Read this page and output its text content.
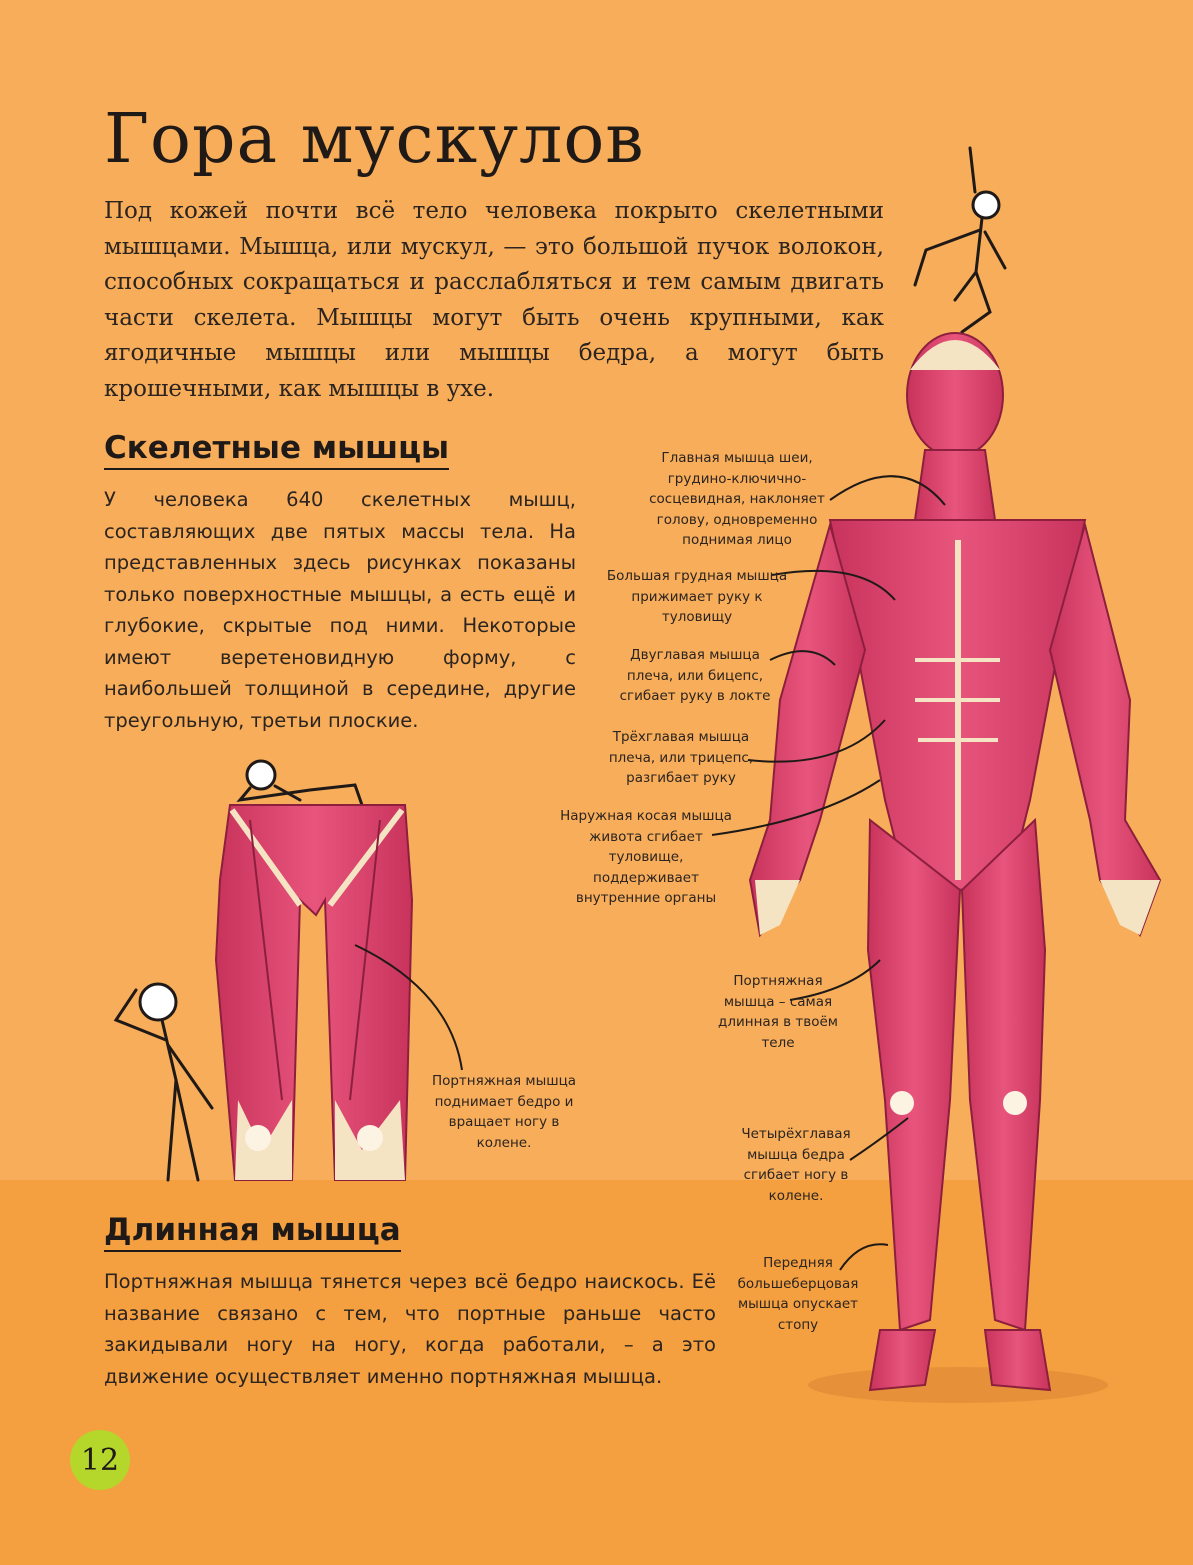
Гора мускулов
Под кожей почти всё тело человека покрыто скелетными мышцами. Мышца, или мускул, — это большой пучок волокон, способных сокращаться и расслабляться и тем самым двигать части скелета. Мышцы могут быть очень крупными, как ягодичные мышцы или мышцы бедра, а могут быть крошечными, как мышцы в ухе.
Скелетные мышцы
У человека 640 скелетных мышц, составляющих две пятых массы тела. На представленных здесь рисунках показаны только поверхностные мышцы, а есть ещё и глубокие, скрытые под ними. Некоторые имеют веретеновидную форму, с наибольшей толщиной в середине, другие треугольную, третьи плоские.
Длинная мышца
Портняжная мышца тянется через всё бедро наискось. Её название связано с тем, что портные раньше часто закидывали ногу на ногу, когда работали, – а это движение осуществляет именно портняжная мышца.
Главная мышца шеи, грудино-ключично-сосцевидная, наклоняет голову, одновременно поднимая лицо
Большая грудная мышца прижимает руку к туловищу
Двуглавая мышца плеча, или бицепс, сгибает руку в локте
Трёхглавая мышца плеча, или трицепс, разгибает руку
Наружная косая мышца живота сгибает туловище, поддерживает внутренние органы
Портняжная мышца – самая длинная в твоём теле
Четырёхглавая мышца бедра сгибает ногу в колене.
Передняя большеберцовая мышца опускает стопу
Портняжная мышца поднимает бедро и вращает ногу в колене.
12
